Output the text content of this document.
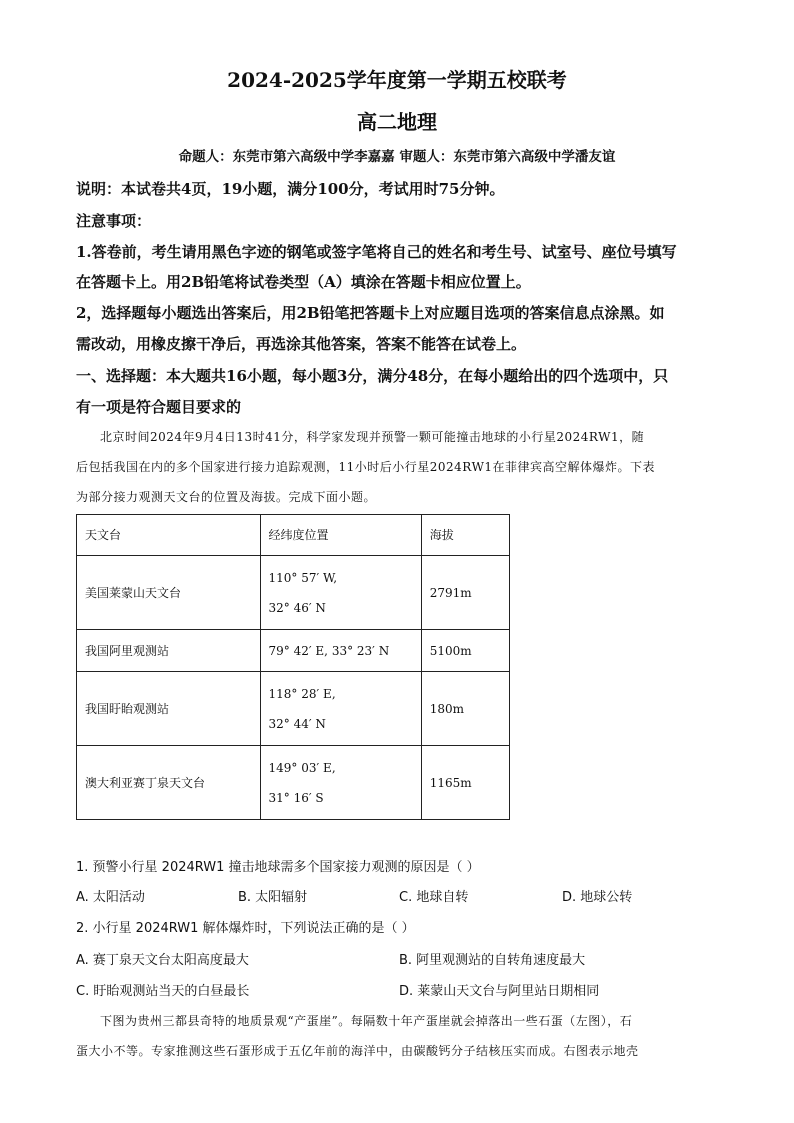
2024-2025学年度第一学期五校联考
高二地理
命题人：东莞市第六高级中学李嘉嘉 审题人：东莞市第六高级中学潘友谊
说明：本试卷共4页，19小题，满分100分，考试用时75分钟。
注意事项：
1.答卷前，考生请用黑色字迹的钢笔或签字笔将自己的姓名和考生号、试室号、座位号填写
在答题卡上。用2B铅笔将试卷类型（A）填涂在答题卡相应位置上。
2，选择题每小题选出答案后，用2B铅笔把答题卡上对应题目选项的答案信息点涂黑。如
需改动，用橡皮擦干净后，再选涂其他答案，答案不能答在试卷上。
一、选择题：本大题共16小题，每小题3分，满分48分，在每小题给出的四个选项中，只
有一项是符合题目要求的
北京时间2024年9月4日13时41分，科学家发现并预警一颗可能撞击地球的小行星2024RW1，随
后包括我国在内的多个国家进行接力追踪观测，11小时后小行星2024RW1在菲律宾高空解体爆炸。下表
为部分接力观测天文台的位置及海拔。完成下面小题。
天文台	经纬度位置	海拔
美国莱蒙山天文台	110° 57′ W,
32° 46′ N	2791m
我国阿里观测站	79° 42′ E, 33° 23′ N	5100m
我国盱眙观测站	118° 28′ E,
32° 44′ N	180m
澳大利亚赛丁泉天文台	149° 03′ E,
31° 16′ S	1165m
1. 预警小行星 2024RW1 撞击地球需多个国家接力观测的原因是（ ）
A. 太阳活动	B. 太阳辐射	C. 地球自转	D. 地球公转
2. 小行星 2024RW1 解体爆炸时，下列说法正确的是（ ）
A. 赛丁泉天文台太阳高度最大	B. 阿里观测站的自转角速度最大
C. 盱眙观测站当天的白昼最长	D. 莱蒙山天文台与阿里站日期相同
下图为贵州三都县奇特的地质景观“产蛋崖”。每隔数十年产蛋崖就会掉落出一些石蛋（左图），石
蛋大小不等。专家推测这些石蛋形成于五亿年前的海洋中，由碳酸钙分子结核压实而成。右图表示地壳
